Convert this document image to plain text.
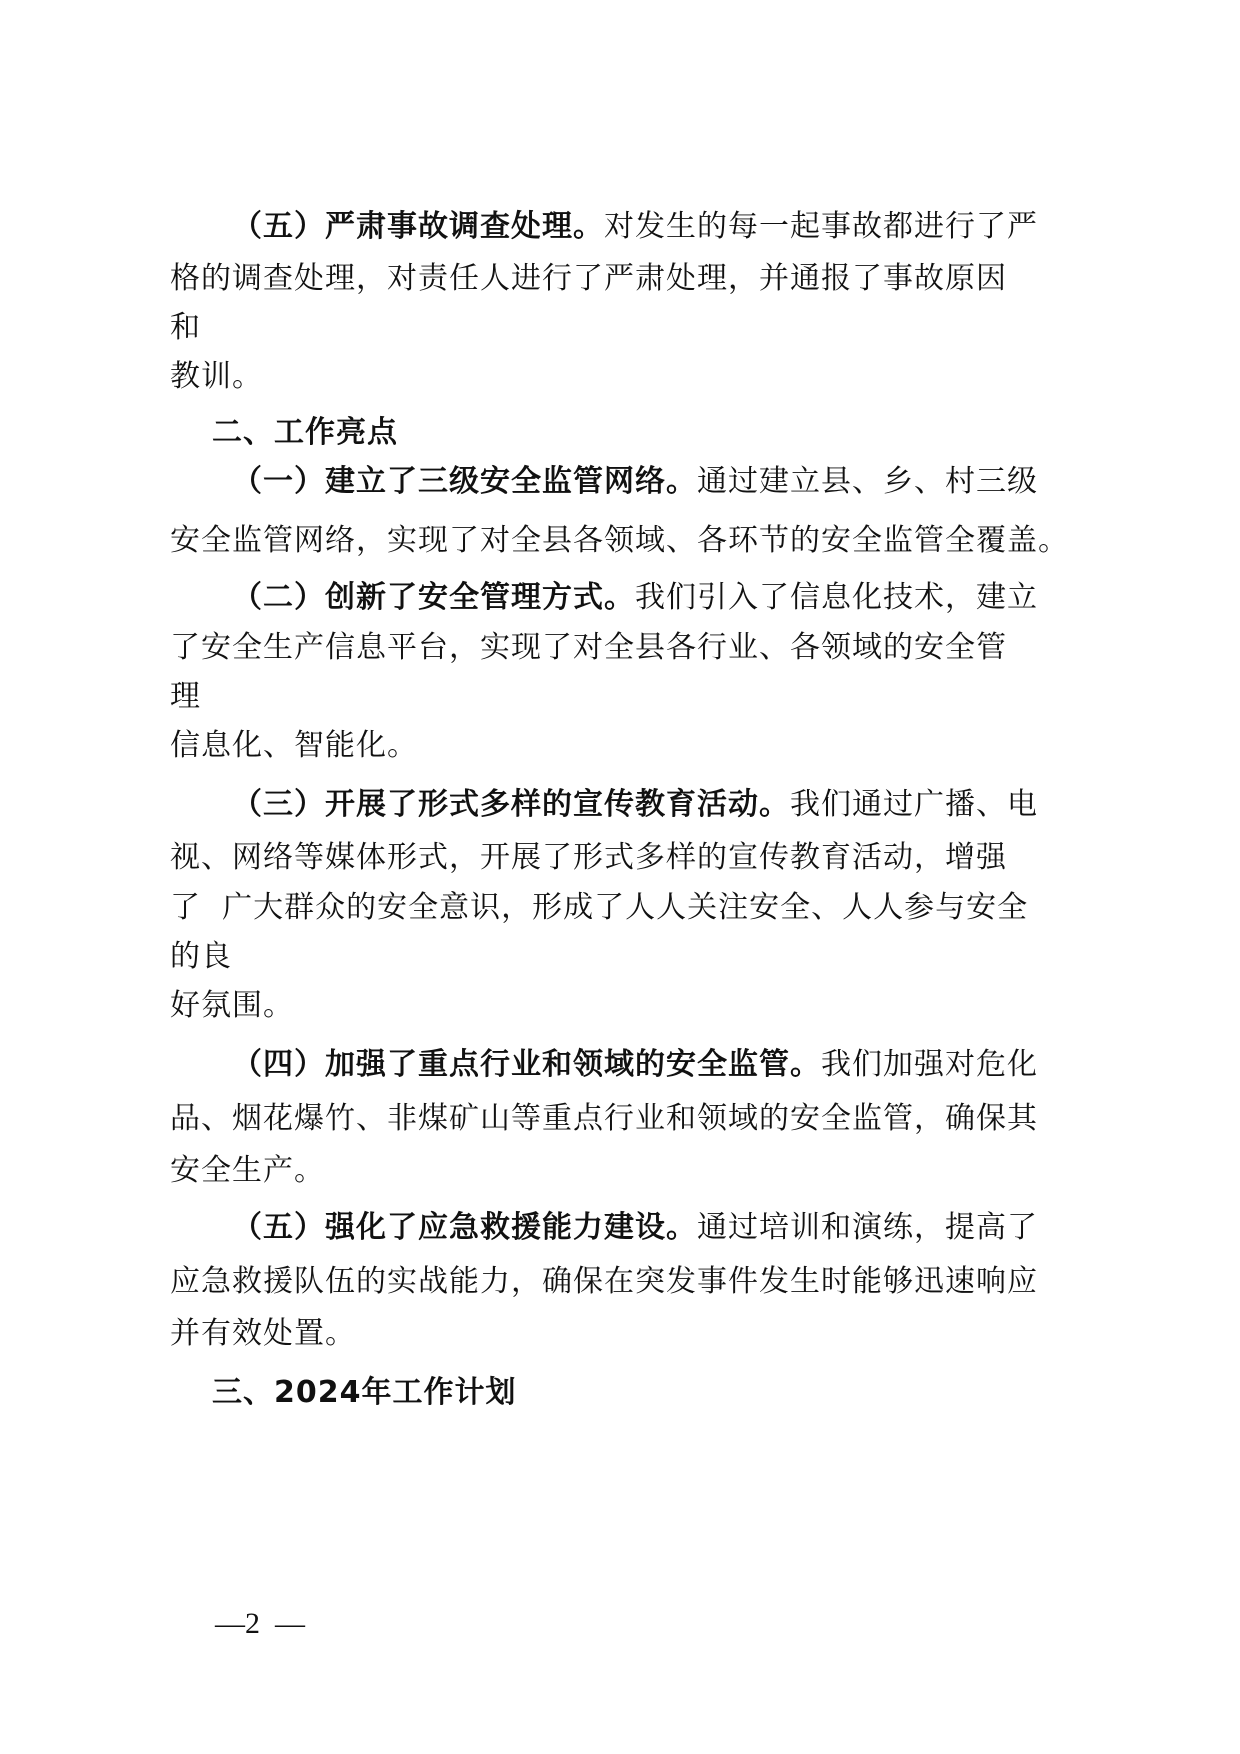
（五）严肃事故调查处理。对发生的每一起事故都进行了严
格的调查处理，对责任人进行了严肃处理，并通报了事故原因
和
教训。
二、工作亮点
（一）建立了三级安全监管网络。通过建立县、乡、村三级
安全监管网络，实现了对全县各领域、各环节的安全监管全覆盖。
（二）创新了安全管理方式。我们引入了信息化技术，建立
了安全生产信息平台，实现了对全县各行业、各领域的安全管
理
信息化、智能化。
（三）开展了形式多样的宣传教育活动。我们通过广播、电
视、网络等媒体形式，开展了形式多样的宣传教育活动，增强
了  广大群众的安全意识，形成了人人关注安全、人人参与安全
的良
好氛围。
（四）加强了重点行业和领域的安全监管。我们加强对危化
品、烟花爆竹、非煤矿山等重点行业和领域的安全监管，确保其
安全生产。
（五）强化了应急救援能力建设。通过培训和演练，提高了
应急救援队伍的实战能力，确保在突发事件发生时能够迅速响应
并有效处置。
三、2024年工作计划
—2  —
